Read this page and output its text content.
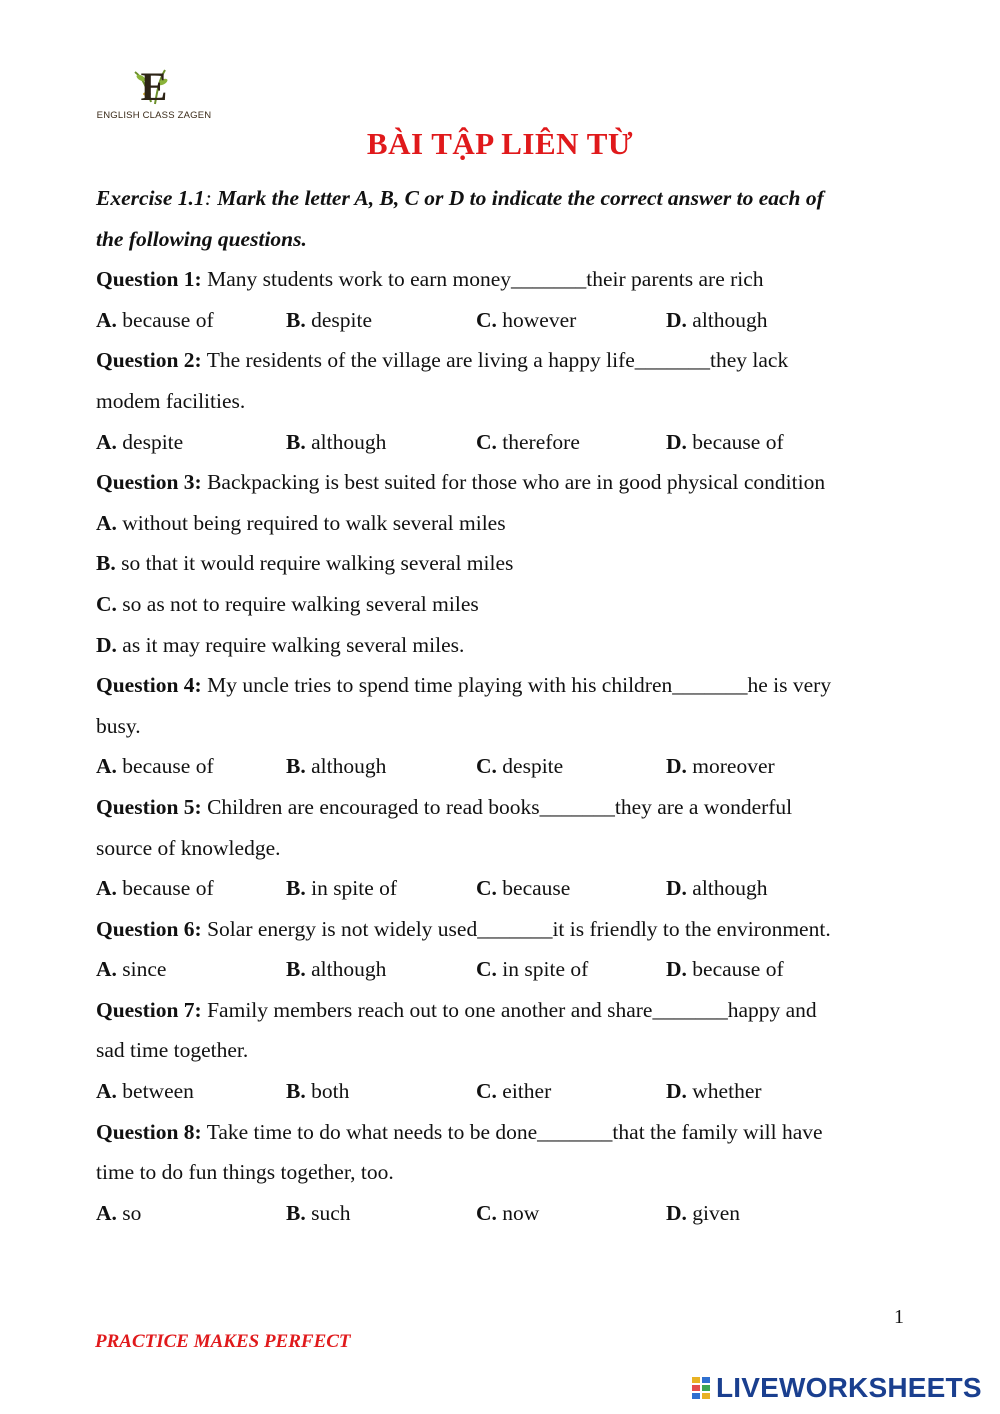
E
ENGLISH CLASS ZAGEN
BÀI TẬP LIÊN TỪ
Exercise 1.1: Mark the letter A, B, C or D to indicate the correct answer to each of
the following questions.
Question 1: Many students work to earn money_______their parents are rich
A. because of	B. despite	C. however	D. although
Question 2: The residents of the village are living a happy life_______they lack
modem facilities.
A. despite	B. although	C. therefore	D. because of
Question 3: Backpacking is best suited for those who are in good physical condition
A. without being required to walk several miles
B. so that it would require walking several miles
C. so as not to require walking several miles
D. as it may require walking several miles.
Question 4: My uncle tries to spend time playing with his children_______he is very
busy.
A. because of	B. although	C. despite	D. moreover
Question 5: Children are encouraged to read books_______they are a wonderful
source of knowledge.
A. because of	B. in spite of	C. because	D. although
Question 6: Solar energy is not widely used_______it is friendly to the environment.
A. since	B. although	C. in spite of	D. because of
Question 7: Family members reach out to one another and share_______happy and
sad time together.
A. between	B. both	C. either	D. whether
Question 8: Take time to do what needs to be done_______that the family will have
time to do fun things together, too.
A. so	B. such	C. now	D. given
1
PRACTICE MAKES PERFECT
LIVEWORKSHEETS
